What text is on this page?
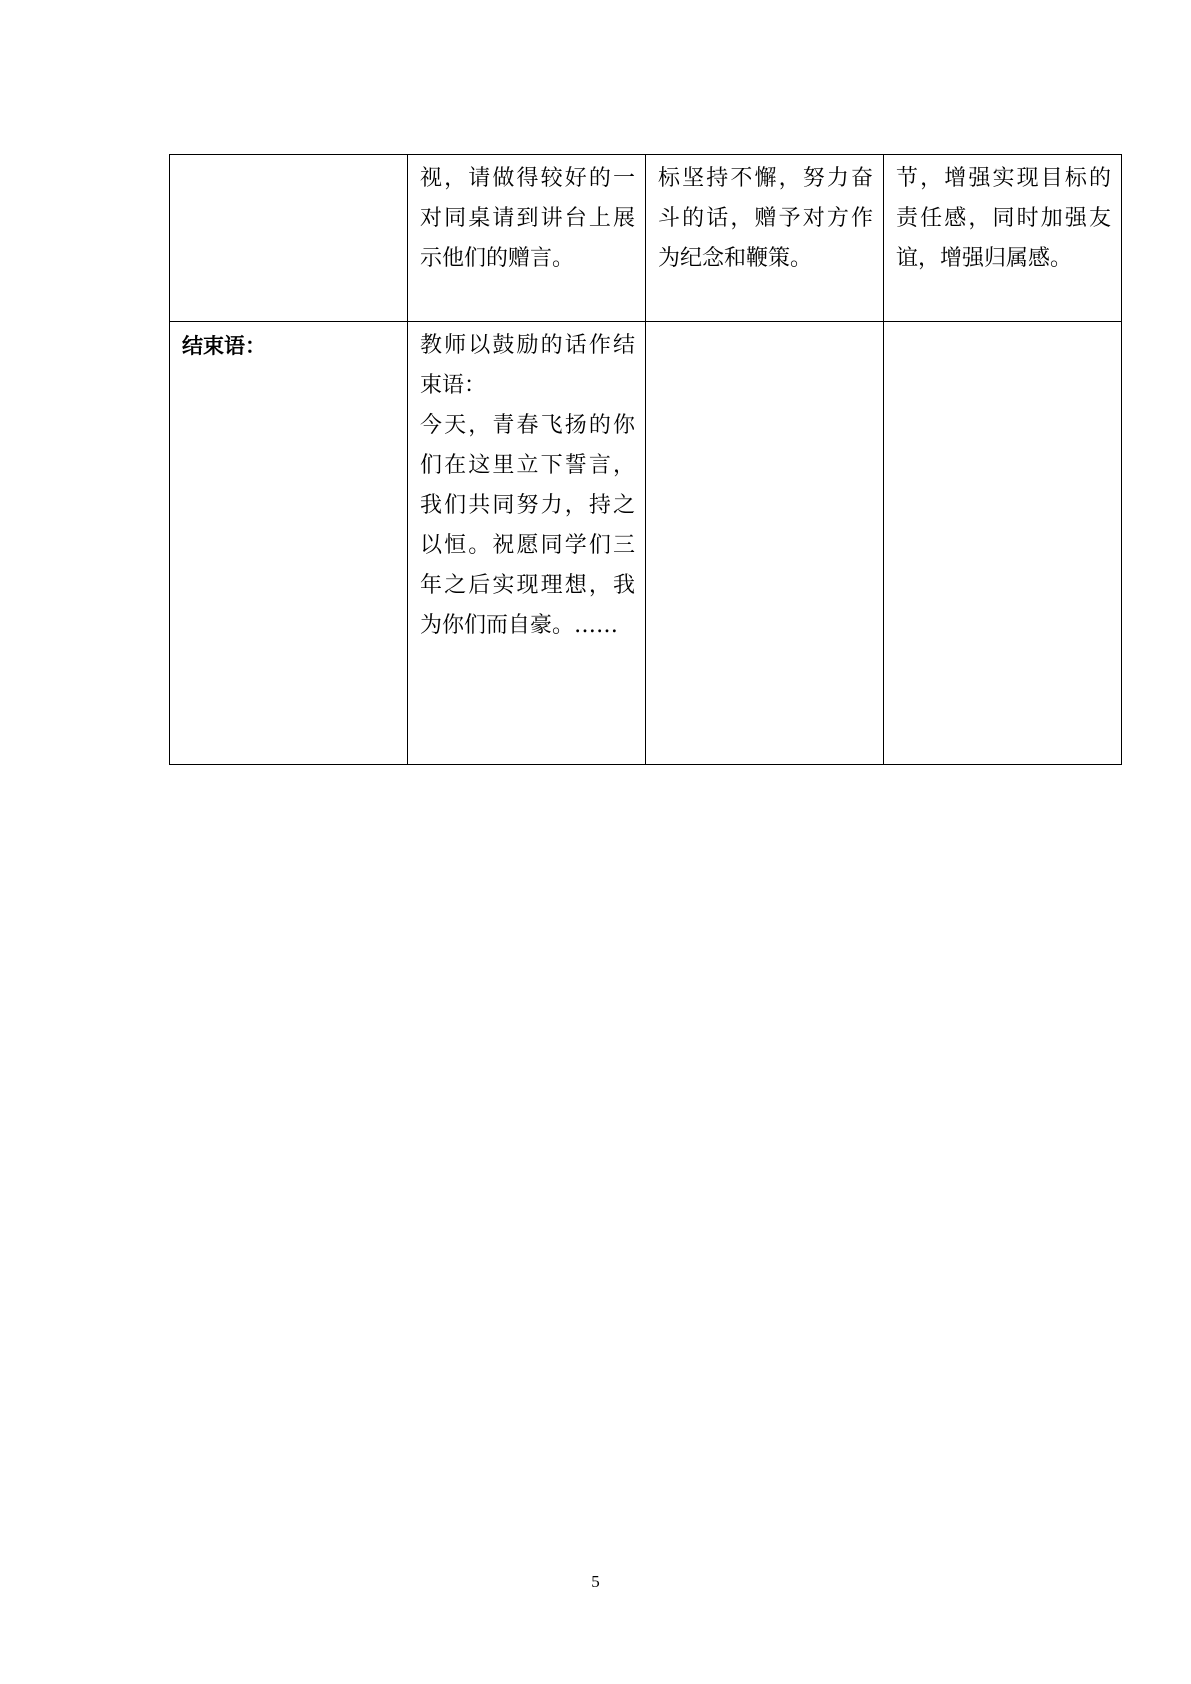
	视，请做得较好的一对同桌请到讲台上展示他们的赠言。	标坚持不懈，努力奋斗的话，赠予对方作为纪念和鞭策。	节，增强实现目标的责任感，同时加强友谊，增强归属感。
结束语：	教师以鼓励的话作结束语：
今天，青春飞扬的你们在这里立下誓言，我们共同努力，持之以恒。祝愿同学们三年之后实现理想，我为你们而自豪。……		

5
